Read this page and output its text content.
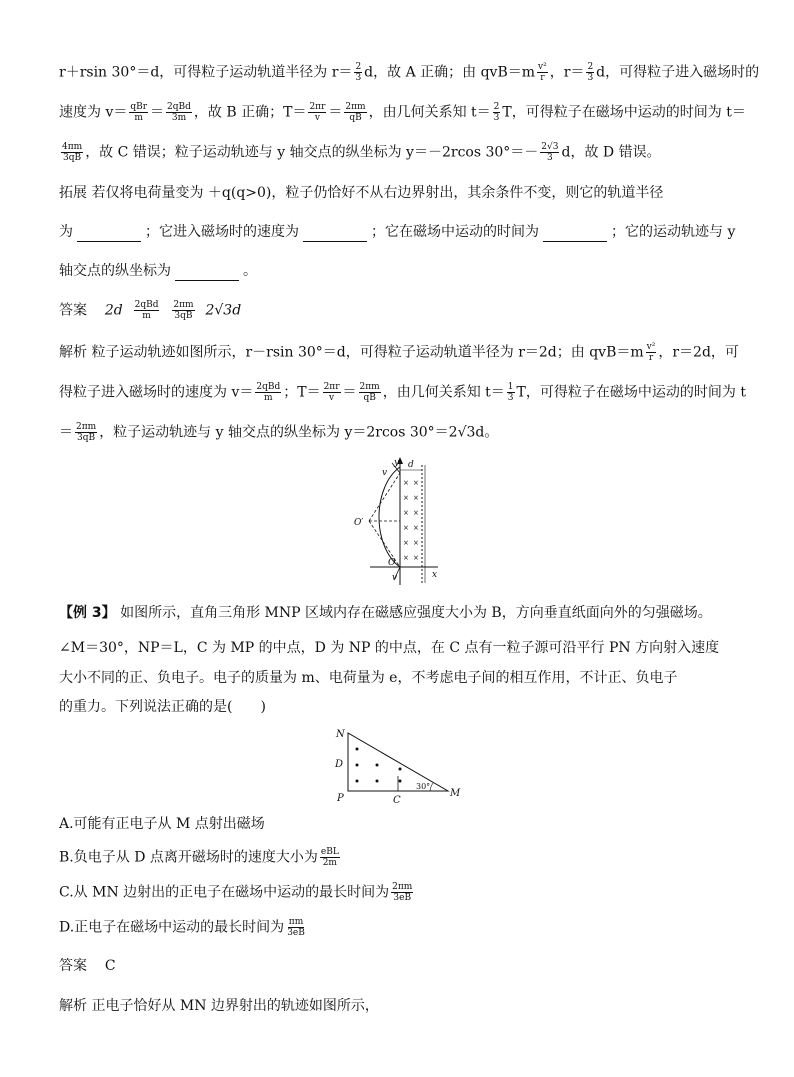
r＋rsin 30°＝d，可得粒子运动轨道半径为 $r= \frac{2}{3}$ d，故 A 正确；由 $qvB=m \frac{\text{v²}}{r}$ ，$r= \frac{2}{3}$ d，可得粒子进入磁场时的
速度为 v＝ qBr
m ＝ 2qBd
3m ，故 B 正确；$T= \frac{2\pi r}{v} = \frac{2\pi m}{qB}$ ，由几何关系知 $t= \frac{2}{3}$ T，可得粒子在磁场中运动的时间为 t＝
$\frac{4\pi m}{3qB}$ ，故 C 错误；粒子运动轨迹与 y 轴交点的纵坐标为 y＝－2rcos $30^\circ=- \frac{2√3}{3}$ d，故 D 错误。
拓展 若仅将电荷量变为 ＋q(q>0)，粒子仍恰好不从右边界射出，其余条件不变，则它的轨道半径
为	；它进入磁场时的速度为	；它在磁场中运动的时间为	；它的运动轨迹与 y
轴交点的纵坐标为	。
答案 2d 2qBd
m
$\frac{2\pi m}{3qB} 2√3d$
解析 粒子运动轨迹如图所示，r－rsin 30°＝d，可得粒子运动轨道半径为 r＝2d；由 $qvB=m \frac{\text{v²}}{r}$ ，r＝2d，可
得粒子进入磁场时的速度为 v＝ 2qBd
m ；$T= \frac{2\pi r}{v} = \frac{2\pi m}{qB}$ ，由几何关系知 $t= \frac{1}{3}$ T，可得粒子在磁场中运动的时间为 t
＝ $\frac{2\pi m}{3qB}$ ，粒子运动轨迹与 y 轴交点的纵坐标为 y＝2rcos 30°＝2√3d。
× ×
× ×
× ×
× ×
× ×
× ×
y d
v
O′
O
v	x
【例 3】 如图所示，直角三角形 MNP 区域内存在磁感应强度大小为 B，方向垂直纸面向外的匀强磁场。
∠M＝30°，NP＝L，C 为 MP 的中点，D 为 NP 的中点，在 C 点有一粒子源可沿平行 PN 方向射入速度
大小不同的正、负电子。电子的质量为 m、电荷量为 e，不考虑电子间的相互作用，不计正、负电子
的重力。下列说法正确的是(　　)
N
D
P	C
M
30°
A.可能有正电子从 M 点射出磁场
B.负电子从 D 点离开磁场时的速度大小为 eBL
2m
C.从 MN 边射出的正电子在磁场中运动的最长时间为 $\frac{2\pi m}{3eB}$
D.正电子在磁场中运动的最长时间为 $\frac{\pi m}{3eB}$
答案 C
解析 正电子恰好从 MN 边界射出的轨迹如图所示，
